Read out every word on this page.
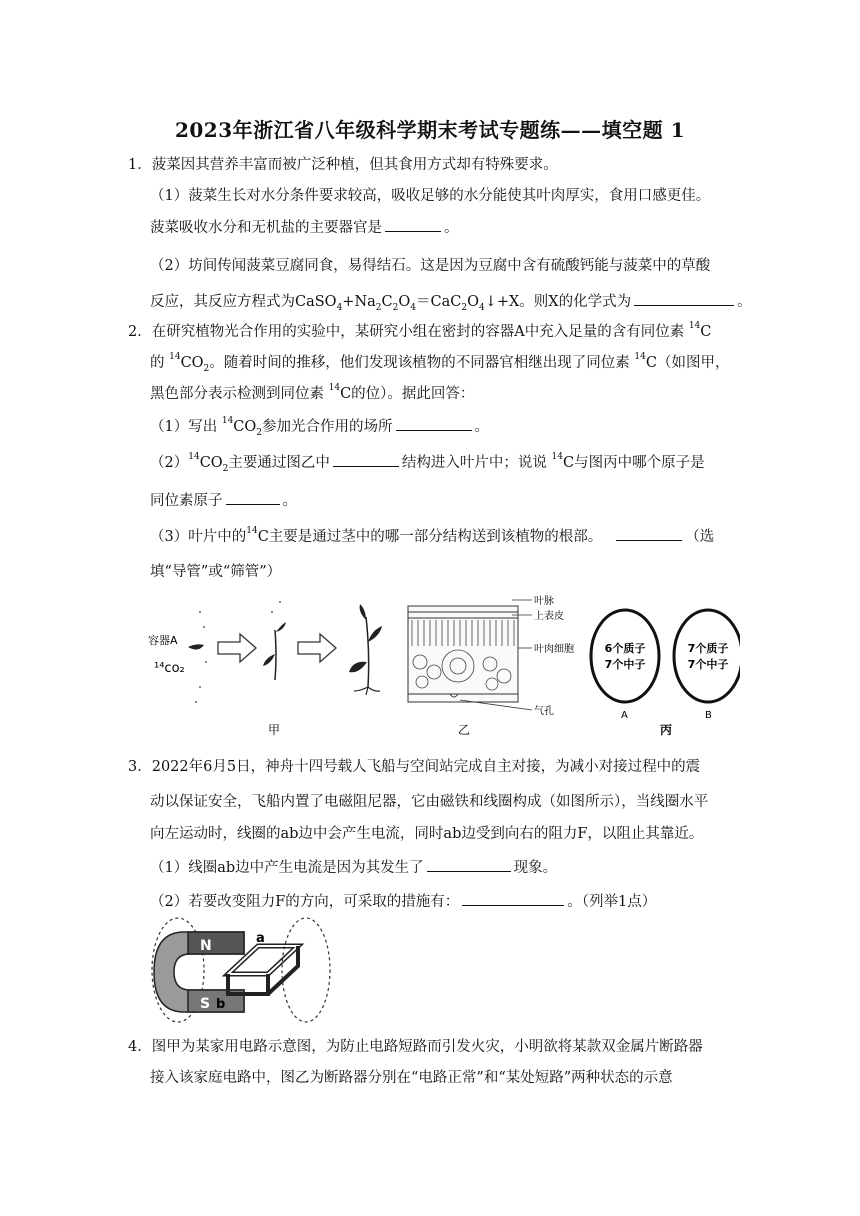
2023年浙江省八年级科学期末考试专题练——填空题 1
1．菠菜因其营养丰富而被广泛种植，但其食用方式却有特殊要求。
（1）菠菜生长对水分条件要求较高，吸收足够的水分能使其叶肉厚实，食用口感更佳。
菠菜吸收水分和无机盐的主要器官是	。
（2）坊间传闻菠菜豆腐同食，易得结石。这是因为豆腐中含有硫酸钙能与菠菜中的草酸
反应，其反应方程式为$CaSO_4+Na_2C_2O_4=CaC_2O_4↓+X$。则X的化学式为	。
2．在研究植物光合作用的实验中，某研究小组在密封的容器A中充入足量的含有同位素 $^{14}$C
的 $^{14}CO_2$。随着时间的推移，他们发现该植物的不同器官相继出现了同位素 $^{14}$C（如图甲，
黑色部分表示检测到同位素 $^{14}$C的位）。据此回答：
（1）写出 $^{14}CO_2$参加光合作用的场所	。
$(2)^{14}CO_2$主要通过图乙中	结构进入叶片中；说说 $^{14}$C与图丙中哪个原子是
同位素原子	。
（3）叶片中的$^{14}$C主要是通过茎中的哪一部分结构送到该植物的根部。	（选
填“导管”或“筛管”）
容器A
¹⁴co₂
甲
叶脉
上表皮
叶肉细胞
气孔
乙
6个质子
7个中子
7个质子
7个中子
A	B
丙
3．2022年6月5日，神舟十四号载人飞船与空间站完成自主对接，为减小对接过程中的震
动以保证安全，飞船内置了电磁阻尼器，它由磁铁和线圈构成（如图所示），当线圈水平
向左运动时，线圈的ab边中会产生电流，同时ab边受到向右的阻力F，以阻止其靠近。
（1）线圈ab边中产生电流是因为其发生了	现象。
（2）若要改变阻力F的方向，可采取的措施有：	。（列举1点）
N
S
a
b
4．图甲为某家用电路示意图，为防止电路短路而引发火灾，小明欲将某款双金属片断路器
接入该家庭电路中，图乙为断路器分别在“电路正常”和“某处短路”两种状态的示意
